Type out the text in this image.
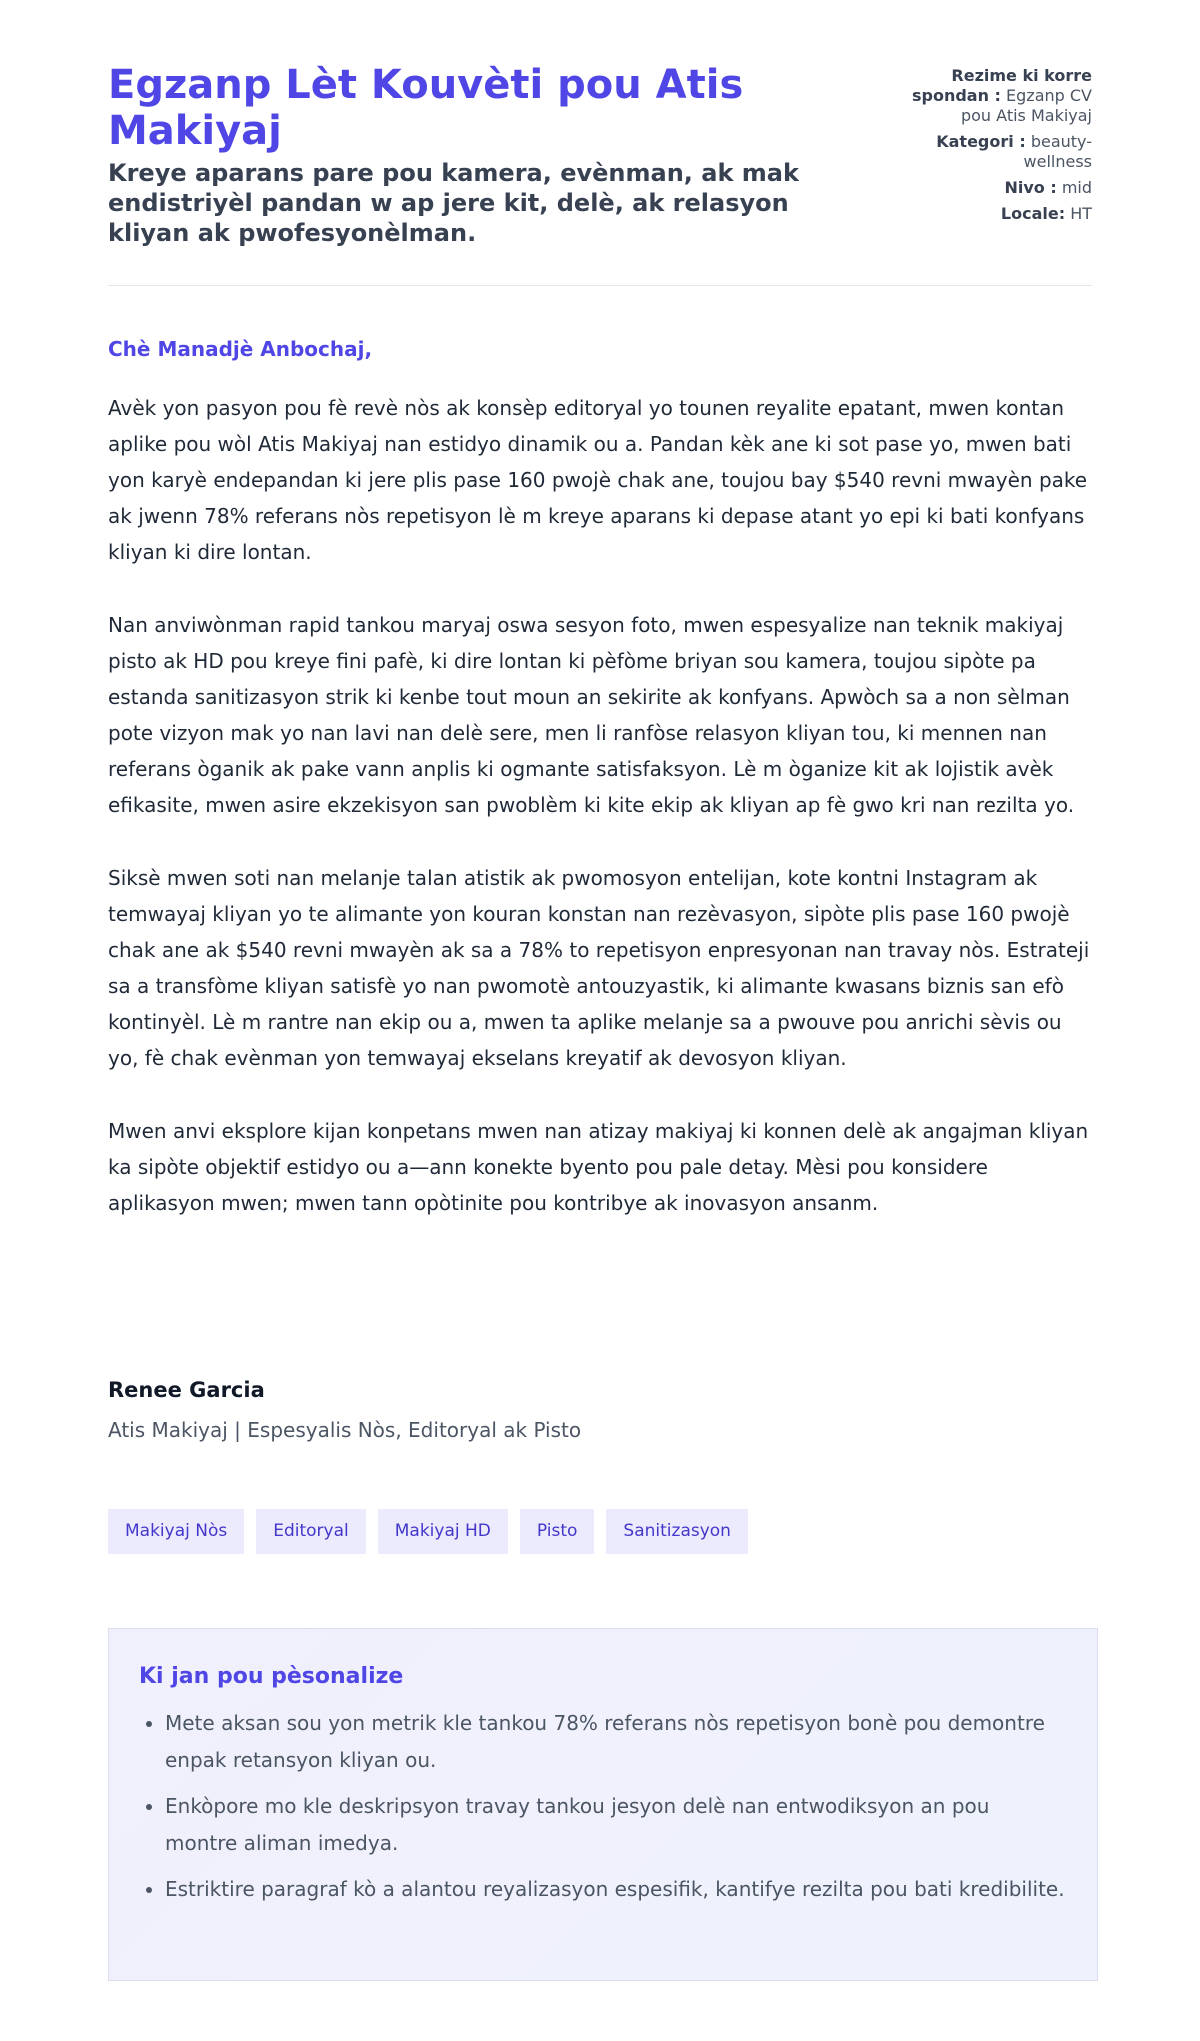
Egzanp Lèt Kouvèti pou Atis Makiyaj
Kreye aparans pare pou kamera, evènman, ak mak endistriyèl pandan w ap jere kit, delè, ak relasyon kliyan ak pwofesyonèlman.
Rezime ki korre spondan : Egzanp CV pou Atis Makiyaj
Kategori : beauty-wellness
Nivo : mid
Locale: HT

Chè Manadjè Anbochaj,

Avèk yon pasyon pou fè revè nòs ak konsèp editoryal yo tounen reyalite epatant, mwen kontan aplike pou wòl Atis Makiyaj nan estidyo dinamik ou a. Pandan kèk ane ki sot pase yo, mwen bati yon karyè endepandan ki jere plis pase 160 pwojè chak ane, toujou bay $540 revni mwayèn pake ak jwenn 78% referans nòs repetisyon lè m kreye aparans ki depase atant yo epi ki bati konfyans kliyan ki dire lontan.

Nan anviwònman rapid tankou maryaj oswa sesyon foto, mwen espesyalize nan teknik makiyaj pisto ak HD pou kreye fini pafè, ki dire lontan ki pèfòme briyan sou kamera, toujou sipòte pa estanda sanitizasyon strik ki kenbe tout moun an sekirite ak konfyans. Apwòch sa a non sèlman pote vizyon mak yo nan lavi nan delè sere, men li ranfòse relasyon kliyan tou, ki mennen nan referans òganik ak pake vann anplis ki ogmante satisfaksyon. Lè m òganize kit ak lojistik avèk efikasite, mwen asire ekzekisyon san pwoblèm ki kite ekip ak kliyan ap fè gwo kri nan rezilta yo.

Siksè mwen soti nan melanje talan atistik ak pwomosyon entelijan, kote kontni Instagram ak temwayaj kliyan yo te alimante yon kouran konstan nan rezèvasyon, sipòte plis pase 160 pwojè chak ane ak $540 revni mwayèn ak sa a 78% to repetisyon enpresyonan nan travay nòs. Estrateji sa a transfòme kliyan satisfè yo nan pwomotè antouzyastik, ki alimante kwasans biznis san efò kontinyèl. Lè m rantre nan ekip ou a, mwen ta aplike melanje sa a pwouve pou anrichi sèvis ou yo, fè chak evènman yon temwayaj ekselans kreyatif ak devosyon kliyan.

Mwen anvi eksplore kijan konpetans mwen nan atizay makiyaj ki konnen delè ak angajman kliyan ka sipòte objektif estidyo ou a—ann konekte byento pou pale detay. Mèsi pou konsidere aplikasyon mwen; mwen tann opòtinite pou kontribye ak inovasyon ansanm.

Renee Garcia
Atis Makiyaj | Espesyalis Nòs, Editoryal ak Pisto
Makiyaj Nòs	Editoryal	Makiyaj HD	Pisto	Sanitizasyon
Ki jan pou pèsonalize
• Mete aksan sou yon metrik kle tankou 78% referans nòs repetisyon bonè pou demontre enpak retansyon kliyan ou.
• Enkòpore mo kle deskripsyon travay tankou jesyon delè nan entwodiksyon an pou montre aliman imedya.
• Estriktire paragraf kò a alantou reyalizasyon espesifik, kantifye rezilta pou bati kredibilite.
